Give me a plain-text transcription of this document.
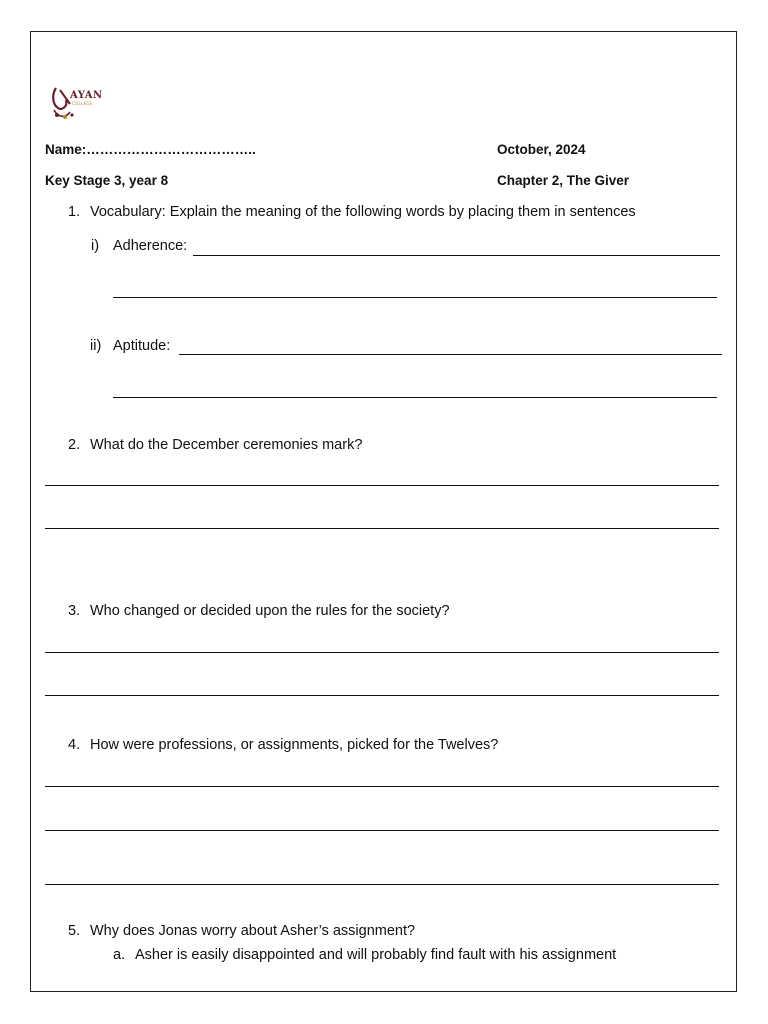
AYAN
COLLEGE
Name:………………………………..	October, 2024
Key Stage 3, year 8	Chapter 2, The Giver
1. Vocabulary: Explain the meaning of the following words by placing them in sentences
i) Adherence:
ii) Aptitude:
2. What do the December ceremonies mark?
3. Who changed or decided upon the rules for the society?
4. How were professions, or assignments, picked for the Twelves?
5. Why does Jonas worry about Asher’s assignment?
a. Asher is easily disappointed and will probably find fault with his assignment
